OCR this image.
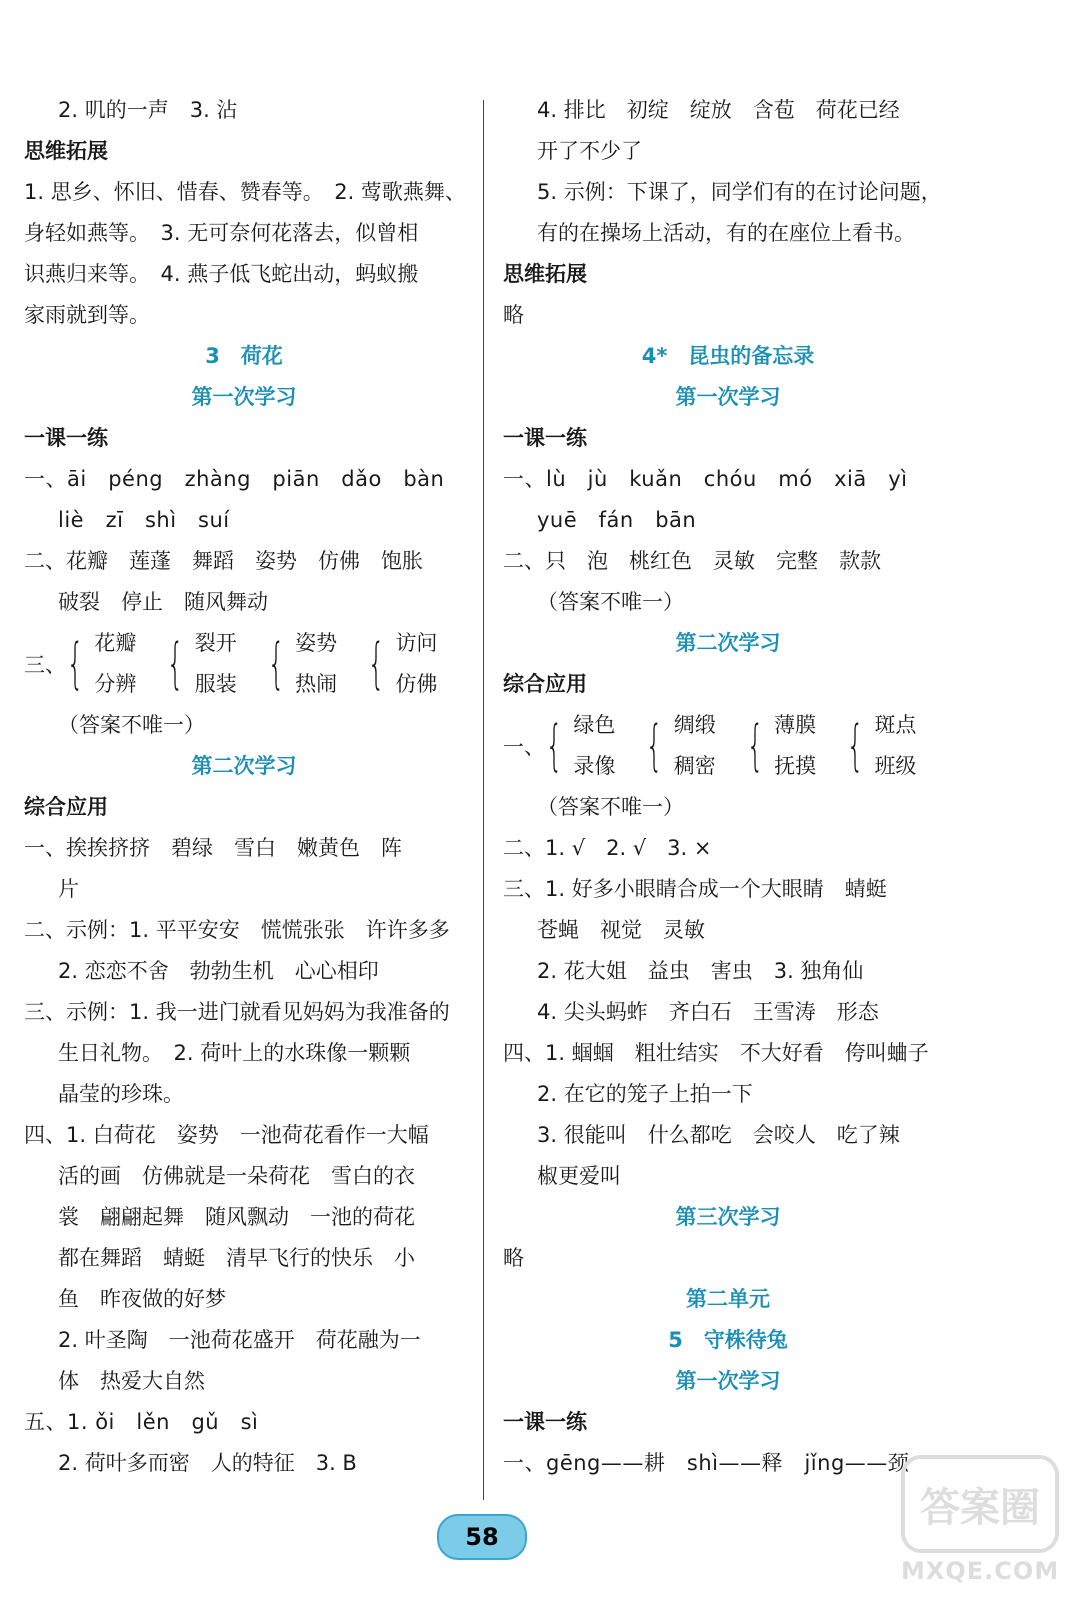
2. 叽的一声　3. 沾
思维拓展
1. 思乡、怀旧、惜春、赞春等。　2. 莺歌燕舞、
身轻如燕等。　3. 无可奈何花落去，似曾相
识燕归来等。　4. 燕子低飞蛇出动，蚂蚁搬
家雨就到等。
3　荷花
第一次学习
一课一练
一、āi　péng　zhàng　piān　dǎo　bàn
liè　zī　shì　suí
二、花瓣　莲蓬　舞蹈　姿势　仿佛　饱胀
破裂　停止　随风舞动
三、 { 花瓣
分辨 { 裂开
服装 { 姿势
热闹 { 访问
仿佛
（答案不唯一）
第二次学习
综合应用
一、挨挨挤挤　碧绿　雪白　嫩黄色　阵
片
二、示例：1. 平平安安　慌慌张张　许许多多
2. 恋恋不舍　勃勃生机　心心相印
三、示例：1. 我一进门就看见妈妈为我准备的
生日礼物。　2. 荷叶上的水珠像一颗颗
晶莹的珍珠。
四、1. 白荷花　姿势　一池荷花看作一大幅
活的画　仿佛就是一朵荷花　雪白的衣
裳　翩翩起舞　随风飘动　一池的荷花
都在舞蹈　蜻蜓　清早飞行的快乐　小
鱼　昨夜做的好梦
2. 叶圣陶　一池荷花盛开　荷花融为一
体　热爱大自然
五、1. ǒi　lěn　gǔ　sì
2. 荷叶多而密　人的特征　3. B
4. 排比　初绽　绽放　含苞　荷花已经
开了不少了
5. 示例：下课了，同学们有的在讨论问题，
有的在操场上活动，有的在座位上看书。
思维拓展
略
4*　昆虫的备忘录
第一次学习
一课一练
一、lù　jù　kuǎn　chóu　mó　xiā　yì
yuē　fán　bān
二、只　泡　桃红色　灵敏　完整　款款
（答案不唯一）
第二次学习
综合应用
一、 { 绿色
录像 { 绸缎
稠密 { 薄膜
抚摸 { 斑点
班级
（答案不唯一）
二、1. √　2. √　3. ×
三、1. 好多小眼睛合成一个大眼睛　蜻蜓
苍蝇　视觉　灵敏
2. 花大姐　益虫　害虫　3. 独角仙
4. 尖头蚂蚱　齐白石　王雪涛　形态
四、1. 蝈蝈　粗壮结实　不大好看　侉叫蛐子
2. 在它的笼子上拍一下
3. 很能叫　什么都吃　会咬人　吃了辣
椒更爱叫
第三次学习
略
第二单元
5　守株待兔
第一次学习
一课一练
一、gēng——耕　shì——释　jǐng——颈
58
答案圈
MXQE.COM
